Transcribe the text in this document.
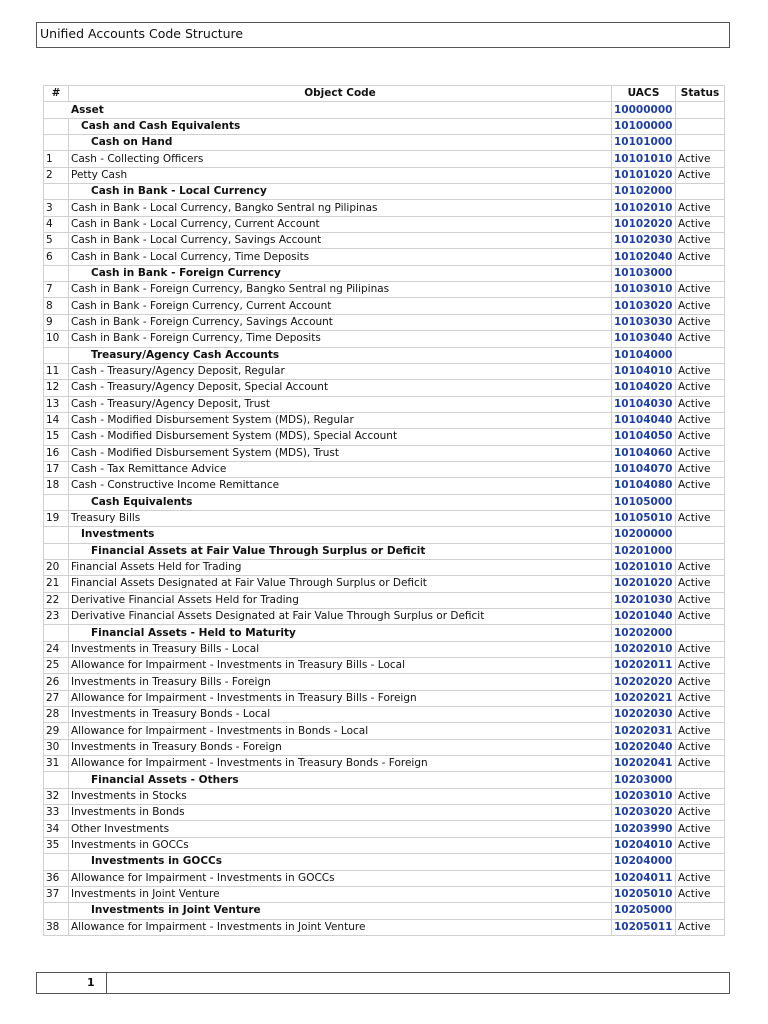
Unified Accounts Code Structure
#	Object Code	UACS	Status
	Asset	10000000	
	Cash and Cash Equivalents	10100000	
	Cash on Hand	10101000	
1	Cash - Collecting Officers	10101010	Active
2	Petty Cash	10101020	Active
	Cash in Bank - Local Currency	10102000	
3	Cash in Bank - Local Currency, Bangko Sentral ng Pilipinas	10102010	Active
4	Cash in Bank - Local Currency, Current Account	10102020	Active
5	Cash in Bank - Local Currency, Savings Account	10102030	Active
6	Cash in Bank - Local Currency, Time Deposits	10102040	Active
	Cash in Bank - Foreign Currency	10103000	
7	Cash in Bank - Foreign Currency, Bangko Sentral ng Pilipinas	10103010	Active
8	Cash in Bank - Foreign Currency, Current Account	10103020	Active
9	Cash in Bank - Foreign Currency, Savings Account	10103030	Active
10	Cash in Bank - Foreign Currency, Time Deposits	10103040	Active
	Treasury/Agency Cash Accounts	10104000	
11	Cash - Treasury/Agency Deposit, Regular	10104010	Active
12	Cash - Treasury/Agency Deposit, Special Account	10104020	Active
13	Cash - Treasury/Agency Deposit, Trust	10104030	Active
14	Cash - Modified Disbursement System (MDS), Regular	10104040	Active
15	Cash - Modified Disbursement System (MDS), Special Account	10104050	Active
16	Cash - Modified Disbursement System (MDS), Trust	10104060	Active
17	Cash - Tax Remittance Advice	10104070	Active
18	Cash - Constructive Income Remittance	10104080	Active
	Cash Equivalents	10105000	
19	Treasury Bills	10105010	Active
	Investments	10200000	
	Financial Assets at Fair Value Through Surplus or Deficit	10201000	
20	Financial Assets Held for Trading	10201010	Active
21	Financial Assets Designated at Fair Value Through Surplus or Deficit	10201020	Active
22	Derivative Financial Assets Held for Trading	10201030	Active
23	Derivative Financial Assets Designated at Fair Value Through Surplus or Deficit	10201040	Active
	Financial Assets - Held to Maturity	10202000	
24	Investments in Treasury Bills - Local	10202010	Active
25	Allowance for Impairment - Investments in Treasury Bills - Local	10202011	Active
26	Investments in Treasury Bills - Foreign	10202020	Active
27	Allowance for Impairment - Investments in Treasury Bills - Foreign	10202021	Active
28	Investments in Treasury Bonds - Local	10202030	Active
29	Allowance for Impairment - Investments in Bonds - Local	10202031	Active
30	Investments in Treasury Bonds - Foreign	10202040	Active
31	Allowance for Impairment - Investments in Treasury Bonds - Foreign	10202041	Active
	Financial Assets - Others	10203000	
32	Investments in Stocks	10203010	Active
33	Investments in Bonds	10203020	Active
34	Other Investments	10203990	Active
35	Investments in GOCCs	10204010	Active
	Investments in GOCCs	10204000	
36	Allowance for Impairment - Investments in GOCCs	10204011	Active
37	Investments in Joint Venture	10205010	Active
	Investments in Joint Venture	10205000	
38	Allowance for Impairment - Investments in Joint Venture	10205011	Active
1
